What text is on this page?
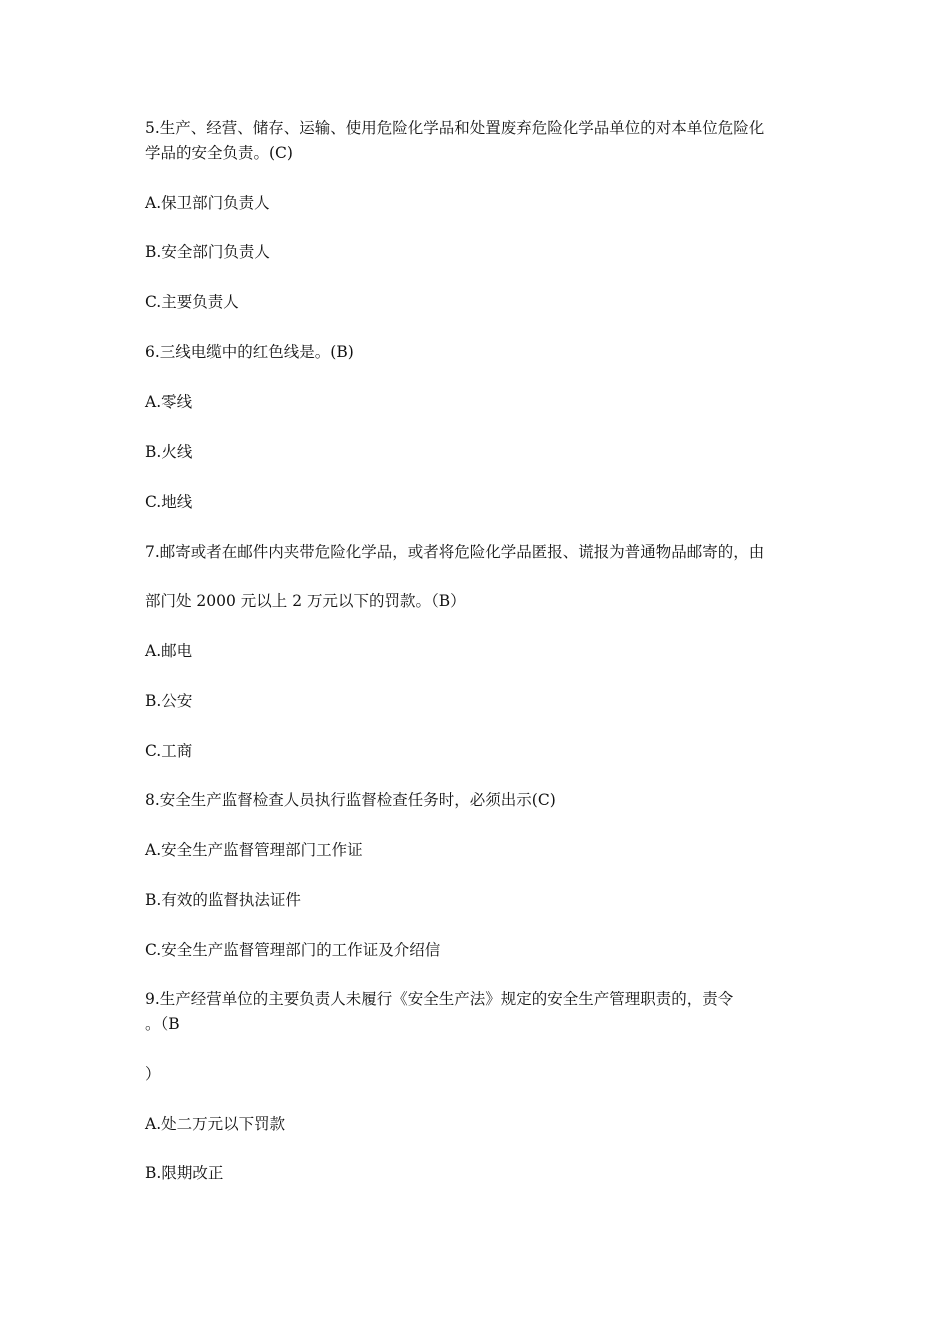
5.生产、经营、储存、运输、使用危险化学品和处置废弃危险化学品单位的对本单位危险化
学品的安全负责。(C)
A.保卫部门负责人
B.安全部门负责人
C.主要负责人
6.三线电缆中的红色线是。(B)
A.零线
B.火线
C.地线
7.邮寄或者在邮件内夹带危险化学品，或者将危险化学品匿报、谎报为普通物品邮寄的，由
部门处 2000 元以上 2 万元以下的罚款。（B）
A.邮电
B.公安
C.工商
8.安全生产监督检查人员执行监督检查任务时，必须出示(C)
A.安全生产监督管理部门工作证
B.有效的监督执法证件
C.安全生产监督管理部门的工作证及介绍信
9.生产经营单位的主要负责人未履行《安全生产法》规定的安全生产管理职责的，责令
。（B
）
A.处二万元以下罚款
B.限期改正
